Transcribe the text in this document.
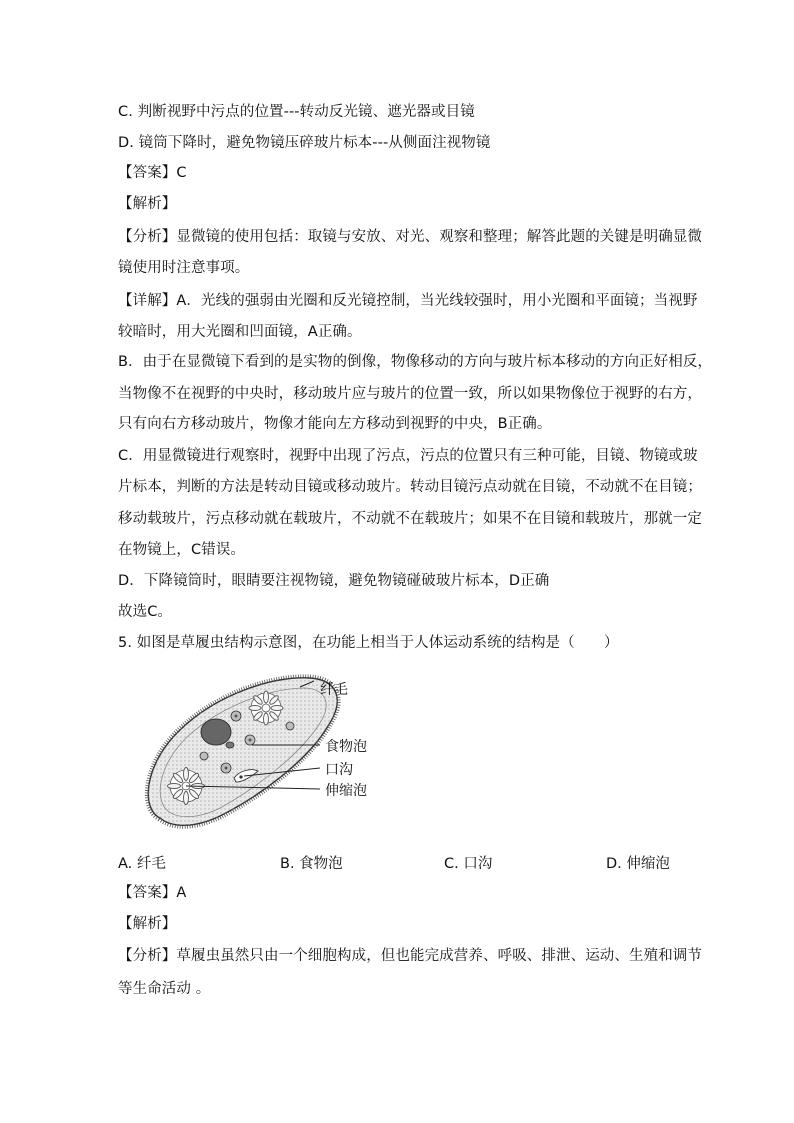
C. 判断视野中污点的位置---转动反光镜、遮光器或目镜
D. 镜筒下降时，避免物镜压碎玻片标本---从侧面注视物镜
【答案】C
【解析】
【分析】显微镜的使用包括：取镜与安放、对光、观察和整理；解答此题的关键是明确显微
镜使用时注意事项。
【详解】A．光线的强弱由光圈和反光镜控制，当光线较强时，用小光圈和平面镜；当视野
较暗时，用大光圈和凹面镜，A正确。
B．由于在显微镜下看到的是实物的倒像，物像移动的方向与玻片标本移动的方向正好相反，
当物像不在视野的中央时，移动玻片应与玻片的位置一致，所以如果物像位于视野的右方，
只有向右方移动玻片，物像才能向左方移动到视野的中央，B正确。
C．用显微镜进行观察时，视野中出现了污点，污点的位置只有三种可能，目镜、物镜或玻
片标本，判断的方法是转动目镜或移动玻片。转动目镜污点动就在目镜，不动就不在目镜；
移动载玻片，污点移动就在载玻片，不动就不在载玻片；如果不在目镜和载玻片，那就一定
在物镜上，C错误。
D．下降镜筒时，眼睛要注视物镜，避免物镜碰破玻片标本，D正确
故选C。
5. 如图是草履虫结构示意图，在功能上相当于人体运动系统的结构是（　　）
纤毛
食物泡
口沟
伸缩泡
A. 纤毛	B. 食物泡	C. 口沟	D. 伸缩泡
【答案】A
【解析】
【分析】草履虫虽然只由一个细胞构成，但也能完成营养、呼吸、排泄、运动、生殖和调节
等生命活动 。
